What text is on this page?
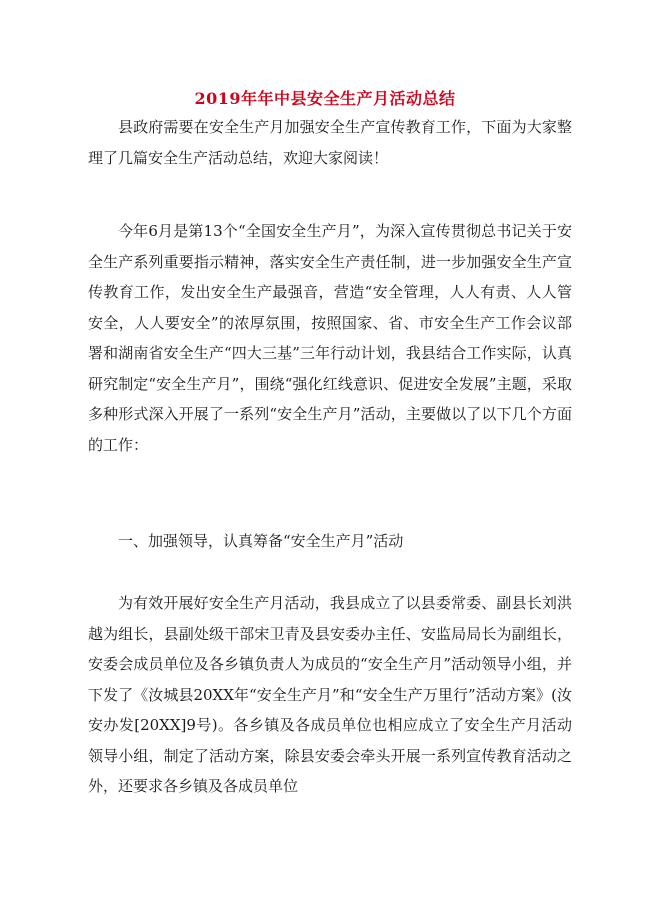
2019年年中县安全生产月活动总结
县政府需要在安全生产月加强安全生产宣传教育工作，下面为大家整理了几篇安全生产活动总结，欢迎大家阅读！
今年6月是第13个“全国安全生产月”，为深入宣传贯彻总书记关于安全生产系列重要指示精神，落实安全生产责任制，进一步加强安全生产宣传教育工作，发出安全生产最强音，营造“安全管理，人人有责、人人管安全，人人要安全”的浓厚氛围，按照国家、省、市安全生产工作会议部署和湖南省安全生产“四大三基”三年行动计划，我县结合工作实际，认真研究制定“安全生产月”，围绕“强化红线意识、促进安全发展”主题，采取多种形式深入开展了一系列“安全生产月”活动，主要做以了以下几个方面的工作：
一、加强领导，认真筹备“安全生产月”活动
为有效开展好安全生产月活动，我县成立了以县委常委、副县长刘洪越为组长，县副处级干部宋卫青及县安委办主任、安监局局长为副组长，安委会成员单位及各乡镇负责人为成员的“安全生产月”活动领导小组，并下发了《汝城县20XX年“安全生产月”和“安全生产万里行”活动方案》(汝安办发[20XX]9号)。各乡镇及各成员单位也相应成立了安全生产月活动领导小组，制定了活动方案，除县安委会牵头开展一系列宣传教育活动之外，还要求各乡镇及各成员单位
